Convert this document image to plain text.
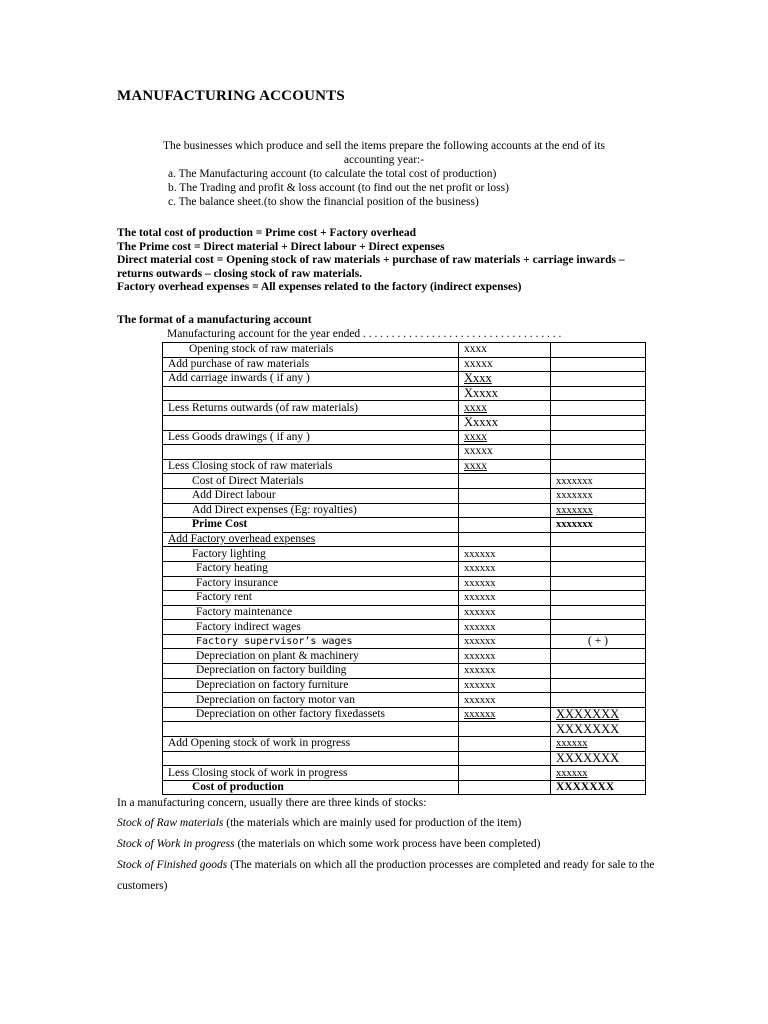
MANUFACTURING ACCOUNTS
The businesses which produce and sell the items prepare the following accounts at the end of its
accounting year:-
a. The Manufacturing account (to calculate the total cost of production)
b. The Trading and profit & loss account (to find out the net profit or loss)
c. The balance sheet.(to show the financial position of the business)
The total cost of production = Prime cost + Factory overhead
The Prime cost = Direct material + Direct labour + Direct expenses
Direct material cost = Opening stock of raw materials + purchase of raw materials + carriage inwards – returns outwards – closing stock of raw materials.
Factory overhead expenses = All expenses related to the factory (indirect expenses)
The format of a manufacturing account
Manufacturing account for the year ended . . . . . . . . . . . . . . . . . . . . . . . . . . . . . . . . . . .
Opening stock of raw materials	xxxx	
Add purchase of raw materials	xxxxx	
Add carriage inwards ( if any )	Xxxx	
	Xxxxx	
Less Returns outwards (of raw materials)	xxxx	
	Xxxxx	
Less Goods drawings ( if any )	xxxx	
	xxxxx	
Less Closing stock of raw materials	xxxx	
Cost of Direct Materials		xxxxxxx
Add Direct labour		xxxxxxx
Add Direct expenses (Eg: royalties)		xxxxxxx
Prime Cost		xxxxxxx
Add Factory overhead expenses		
Factory lighting	xxxxxx	
Factory heating	xxxxxx	
Factory insurance	xxxxxx	
Factory rent	xxxxxx	
Factory maintenance	xxxxxx	
Factory indirect wages	xxxxxx	
Factory supervisor’s wages	xxxxxx	( + )
Depreciation on plant & machinery	xxxxxx	
Depreciation on factory building	xxxxxx	
Depreciation on factory furniture	xxxxxx	
Depreciation on factory motor van	xxxxxx	
Depreciation on other factory fixedassets	xxxxxx	XXXXXXX
		XXXXXXX
Add Opening stock of work in progress		xxxxxx
		XXXXXXX
Less Closing stock of work in progress		xxxxxx
Cost of production		XXXXXXX

In a manufacturing concern, usually there are three kinds of stocks:

Stock of Raw materials (the materials which are mainly used for production of the item)

Stock of Work in progress (the materials on which some work process have been completed)

Stock of Finished goods (The materials on which all the production processes are completed and ready for sale to the customers)
